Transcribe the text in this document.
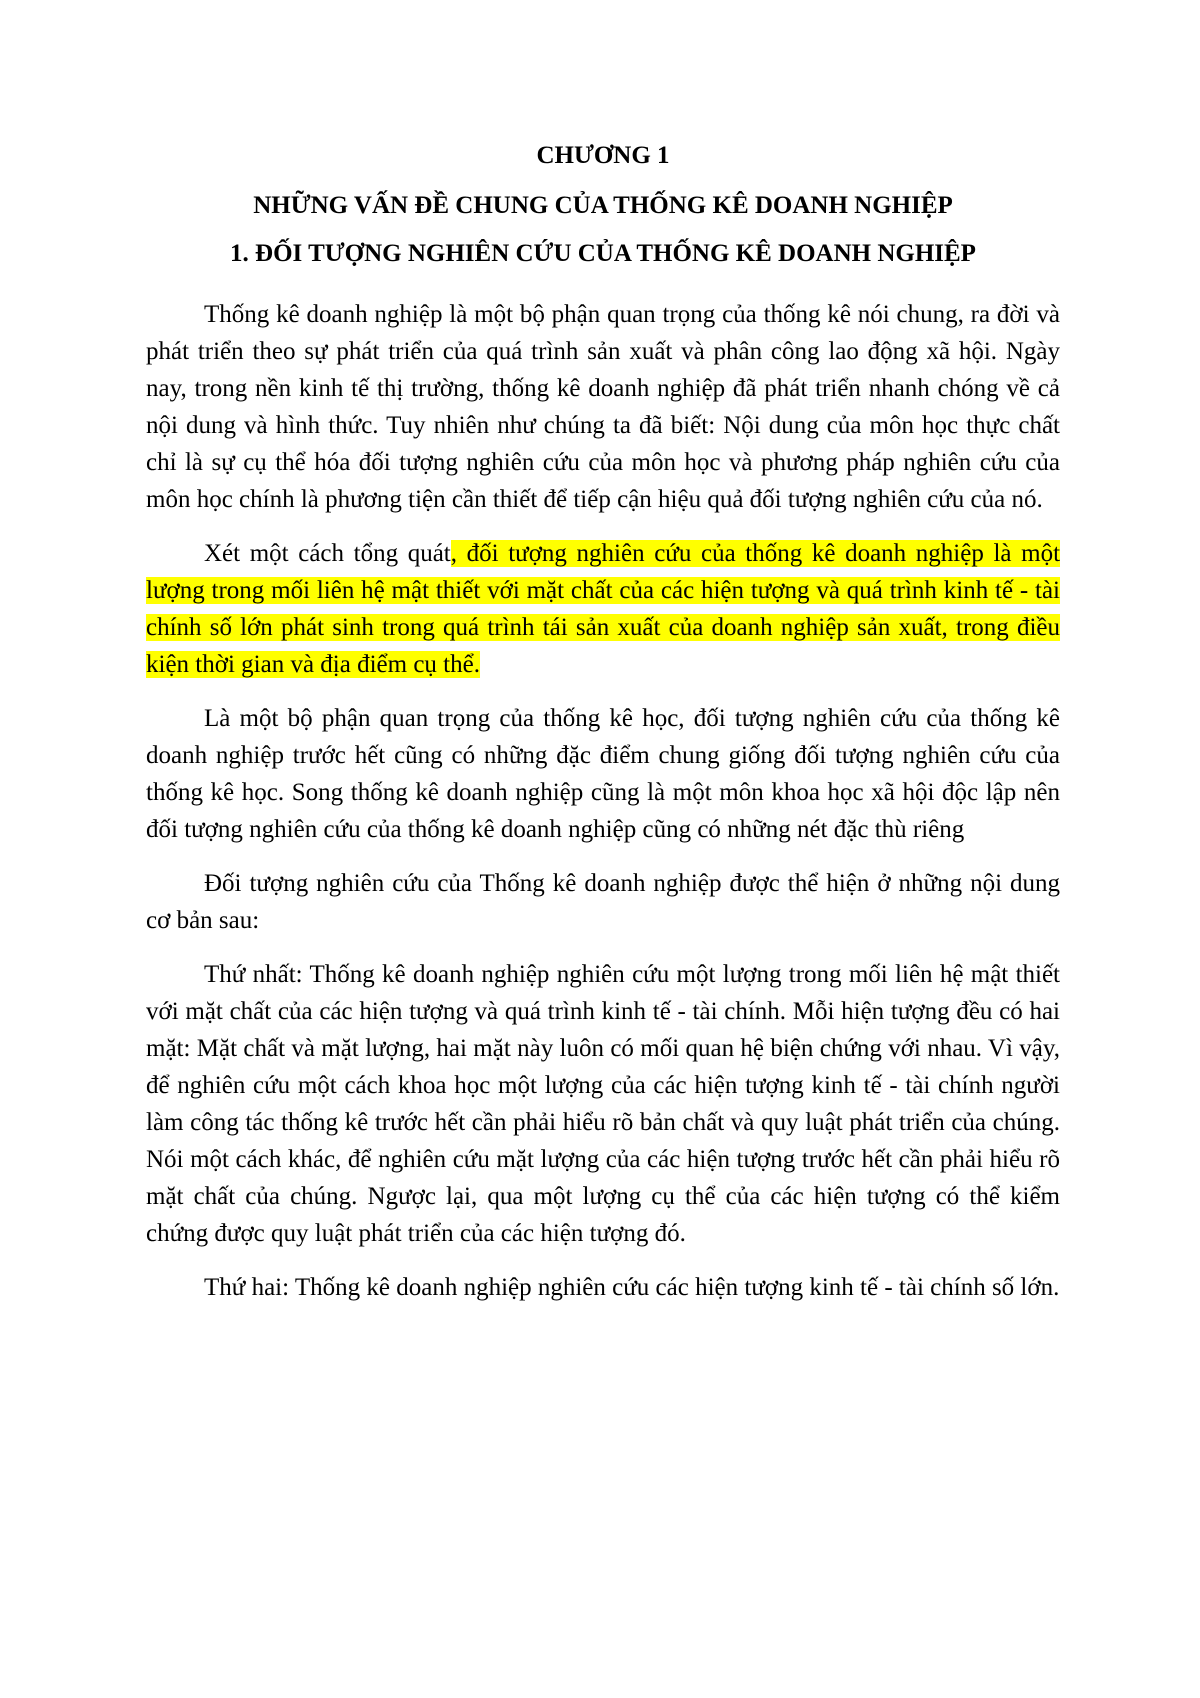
CHƯƠNG 1
NHỮNG VẤN ĐỀ CHUNG CỦA THỐNG KÊ DOANH NGHIỆP
1. ĐỐI TƯỢNG NGHIÊN CỨU CỦA THỐNG KÊ DOANH NGHIỆP

Thống kê doanh nghiệp là một bộ phận quan trọng của thống kê nói chung, ra đời và phát triển theo sự phát triển của quá trình sản xuất và phân công lao động xã hội. Ngày nay, trong nền kinh tế thị trường, thống kê doanh nghiệp đã phát triển nhanh chóng về cả nội dung và hình thức. Tuy nhiên như chúng ta đã biết: Nội dung của môn học thực chất chỉ là sự cụ thể hóa đối tượng nghiên cứu của môn học và phương pháp nghiên cứu của môn học chính là phương tiện cần thiết để tiếp cận hiệu quả đối tượng nghiên cứu của nó.

Xét một cách tổng quát, đối tượng nghiên cứu của thống kê doanh nghiệp là một lượng trong mối liên hệ mật thiết với mặt chất của các hiện tượng và quá trình kinh tế - tài chính số lớn phát sinh trong quá trình tái sản xuất của doanh nghiệp sản xuất, trong điều kiện thời gian và địa điểm cụ thể.

Là một bộ phận quan trọng của thống kê học, đối tượng nghiên cứu của thống kê doanh nghiệp trước hết cũng có những đặc điểm chung giống đối tượng nghiên cứu của thống kê học. Song thống kê doanh nghiệp cũng là một môn khoa học xã hội độc lập nên đối tượng nghiên cứu của thống kê doanh nghiệp cũng có những nét đặc thù riêng

Đối tượng nghiên cứu của Thống kê doanh nghiệp được thể hiện ở những nội dung cơ bản sau:

Thứ nhất: Thống kê doanh nghiệp nghiên cứu một lượng trong mối liên hệ mật thiết với mặt chất của các hiện tượng và quá trình kinh tế - tài chính. Mỗi hiện tượng đều có hai mặt: Mặt chất và mặt lượng, hai mặt này luôn có mối quan hệ biện chứng với nhau. Vì vậy, để nghiên cứu một cách khoa học một lượng của các hiện tượng kinh tế - tài chính người làm công tác thống kê trước hết cần phải hiểu rõ bản chất và quy luật phát triển của chúng. Nói một cách khác, để nghiên cứu mặt lượng của các hiện tượng trước hết cần phải hiểu rõ mặt chất của chúng. Ngược lại, qua một lượng cụ thể của các hiện tượng có thể kiểm chứng được quy luật phát triển của các hiện tượng đó.

Thứ hai: Thống kê doanh nghiệp nghiên cứu các hiện tượng kinh tế - tài chính số lớn.
